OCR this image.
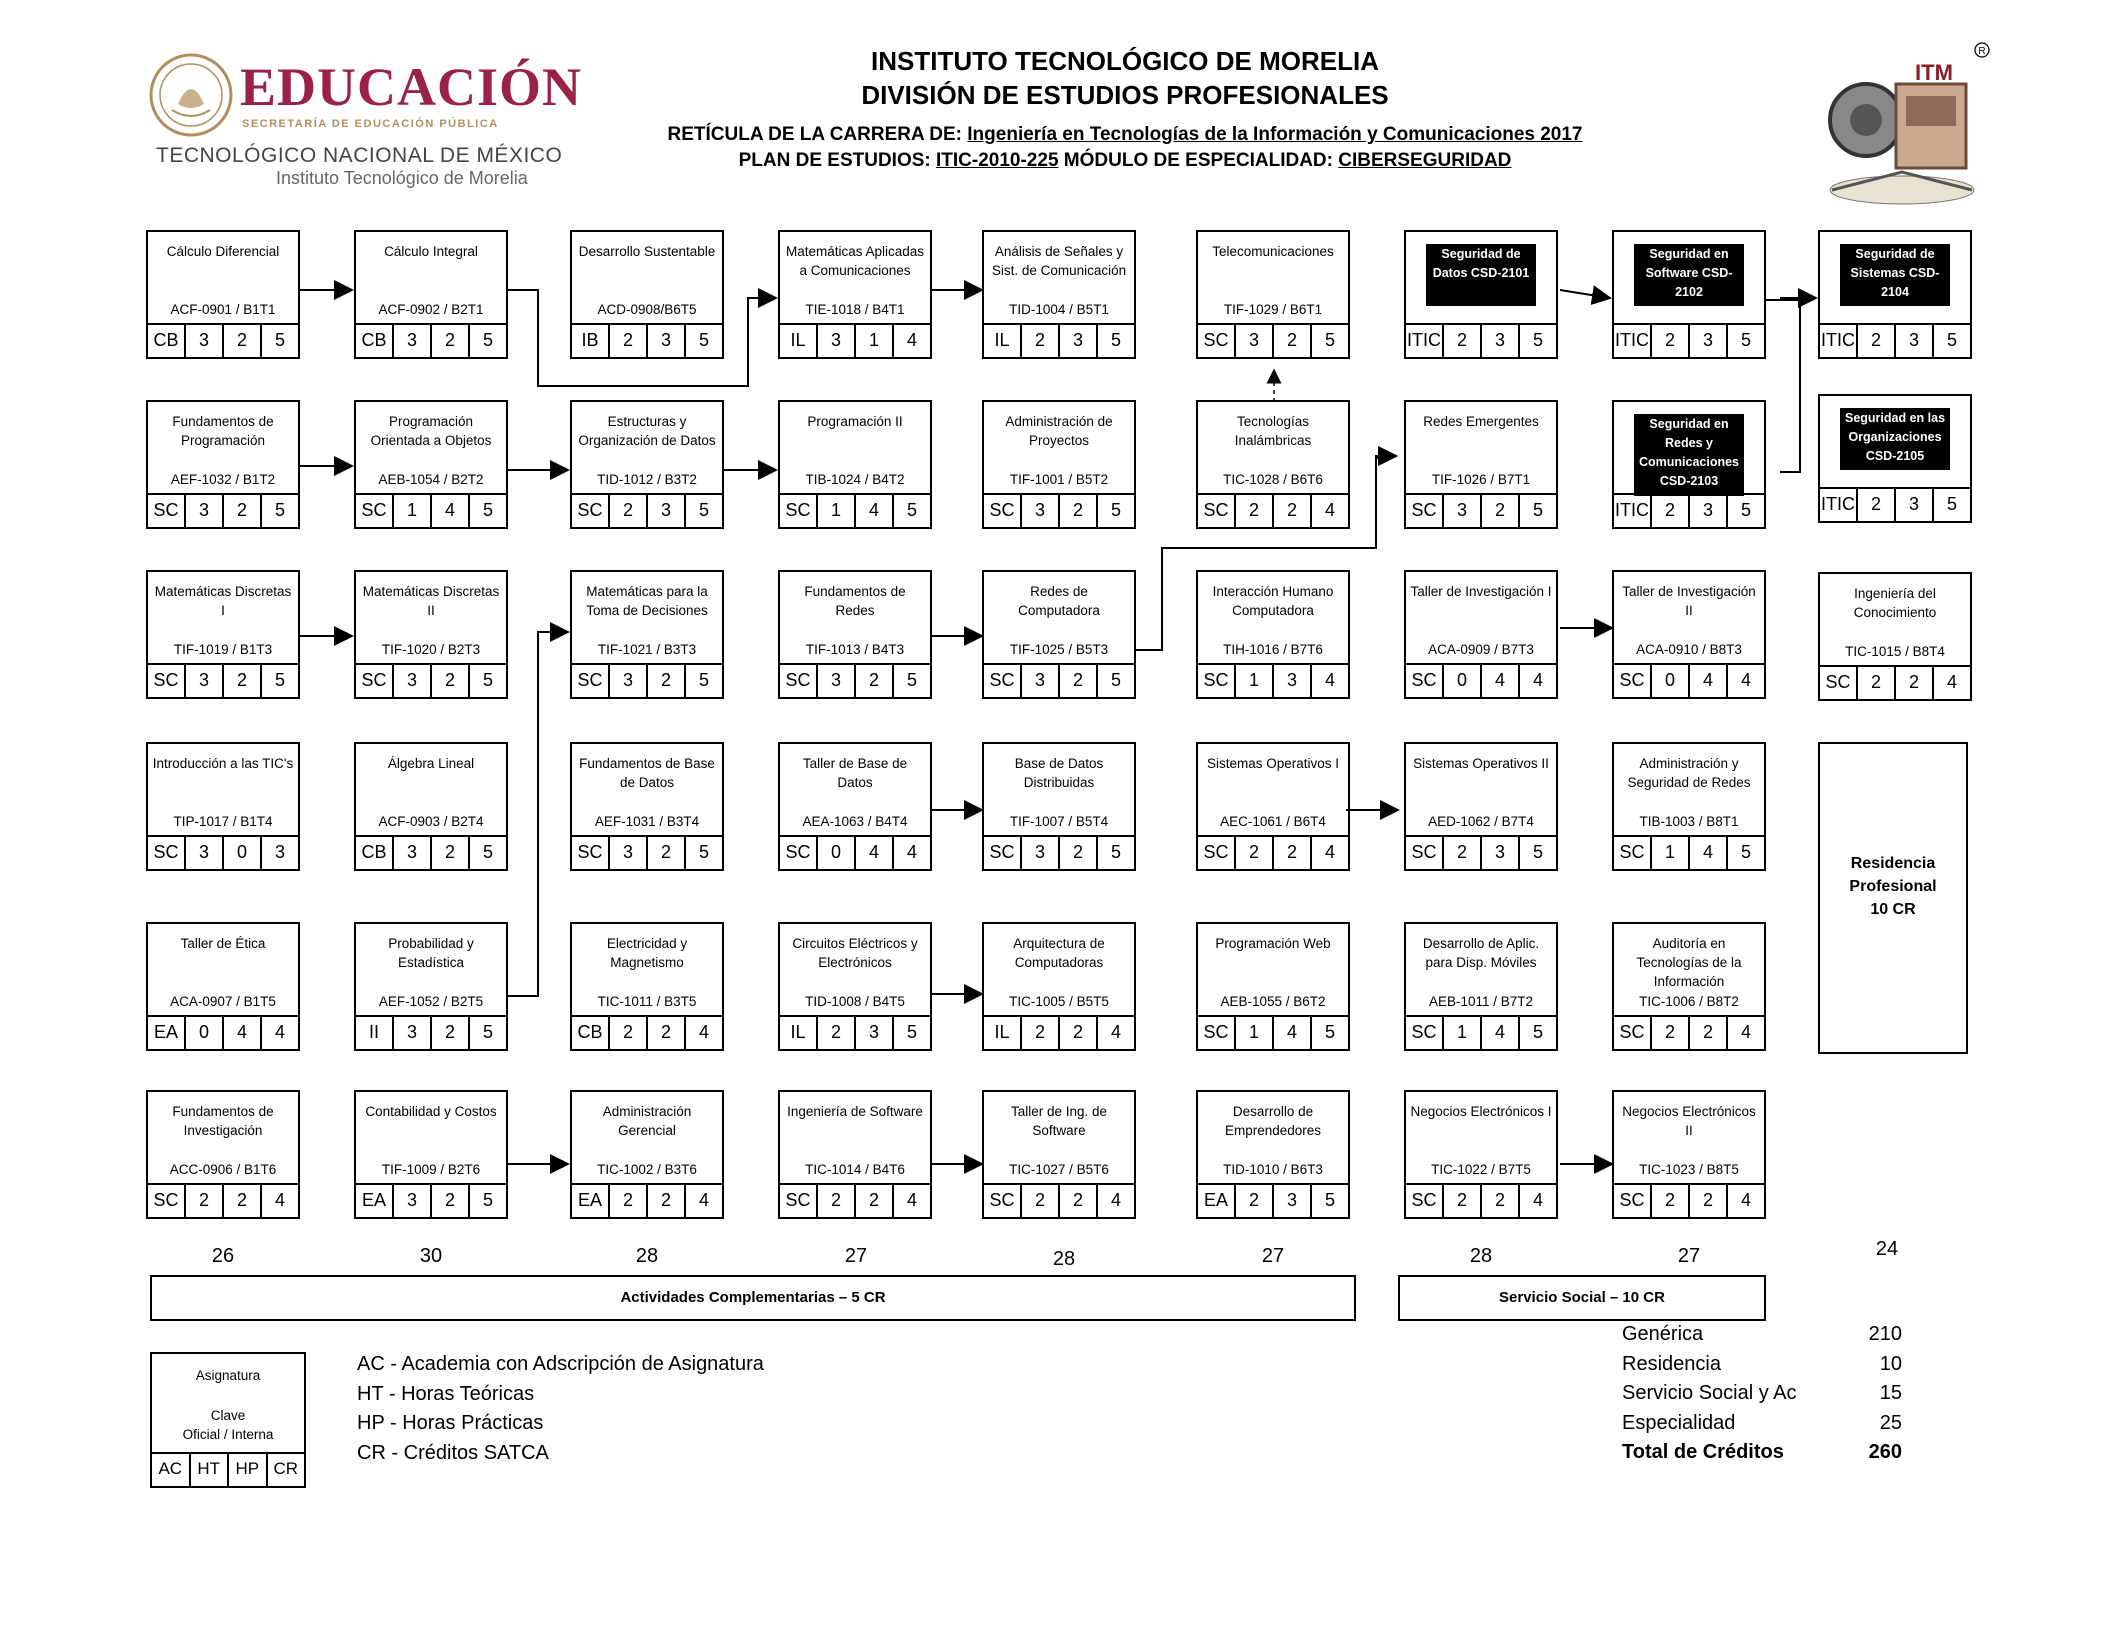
EDUCACIÓN
SECRETARÍA DE EDUCACIÓN PÚBLICA
TECNOLÓGICO NACIONAL DE MÉXICO
Instituto Tecnológico de Morelia
INSTITUTO TECNOLÓGICO DE MORELIA
DIVISIÓN DE ESTUDIOS PROFESIONALES
RETÍCULA DE LA CARRERA DE: Ingeniería en Tecnologías de la Información y Comunicaciones 2017
PLAN DE ESTUDIOS: ITIC-2010-225 MÓDULO DE ESPECIALIDAD: CIBERSEGURIDAD
ITM
R
Cálculo Diferencial
ACF-0901 / B1T1
CB	3	2	5
Fundamentos de Programación
AEF-1032 / B1T2
SC	3	2	5
Matemáticas Discretas I
TIF-1019 / B1T3
SC	3	2	5
Introducción a las TIC's
TIP-1017 / B1T4
SC	3	0	3
Taller de Ética
ACA-0907 / B1T5
EA	0	4	4
Fundamentos de Investigación
ACC-0906 / B1T6
SC	2	2	4
Cálculo Integral
ACF-0902 / B2T1
CB	3	2	5
Programación Orientada a Objetos
AEB-1054 / B2T2
SC	1	4	5
Matemáticas Discretas II
TIF-1020 / B2T3
SC	3	2	5
Álgebra Lineal
ACF-0903 / B2T4
CB	3	2	5
Probabilidad y Estadística
AEF-1052 / B2T5
II	3	2	5
Contabilidad y Costos
TIF-1009 / B2T6
EA	3	2	5
Desarrollo Sustentable
ACD-0908/B6T5
IB	2	3	5
Estructuras y Organización de Datos
TID-1012 / B3T2
SC	2	3	5
Matemáticas para la Toma de Decisiones
TIF-1021 / B3T3
SC	3	2	5
Fundamentos de Base de Datos
AEF-1031 / B3T4
SC	3	2	5
Electricidad y Magnetismo
TIC-1011 / B3T5
CB	2	2	4
Administración Gerencial
TIC-1002 / B3T6
EA	2	2	4
Matemáticas Aplicadas a Comunicaciones
TIE-1018 / B4T1
IL	3	1	4
Programación II
TIB-1024 / B4T2
SC	1	4	5
Fundamentos de Redes
TIF-1013 / B4T3
SC	3	2	5
Taller de Base de Datos
AEA-1063 / B4T4
SC	0	4	4
Circuitos Eléctricos y Electrónicos
TID-1008 / B4T5
IL	2	3	5
Ingeniería de Software
TIC-1014 / B4T6
SC	2	2	4
Análisis de Señales y Sist. de Comunicación
TID-1004 / B5T1
IL	2	3	5
Administración de Proyectos
TIF-1001 / B5T2
SC	3	2	5
Redes de Computadora
TIF-1025 / B5T3
SC	3	2	5
Base de Datos Distribuidas
TIF-1007 / B5T4
SC	3	2	5
Arquitectura de Computadoras
TIC-1005 / B5T5
IL	2	2	4
Taller de Ing. de Software
TIC-1027 / B5T6
SC	2	2	4
Telecomunicaciones
TIF-1029 / B6T1
SC	3	2	5
Tecnologías Inalámbricas
TIC-1028 / B6T6
SC	2	2	4
Interacción Humano Computadora
TIH-1016 / B7T6
SC	1	3	4
Sistemas Operativos I
AEC-1061 / B6T4
SC	2	2	4
Programación Web
AEB-1055 / B6T2
SC	1	4	5
Desarrollo de Emprendedores
TID-1010 / B6T3
EA	2	3	5
Seguridad de Datos CSD-2101
ITIC 2	3	5
Redes Emergentes
TIF-1026 / B7T1
SC	3	2	5
Taller de Investigación I
ACA-0909 / B7T3
SC	0	4	4
Sistemas Operativos II
AED-1062 / B7T4
SC	2	3	5
Desarrollo de Aplic. para Disp. Móviles
AEB-1011 / B7T2
SC	1	4	5
Negocios Electrónicos I
TIC-1022 / B7T5
SC	2	2	4
Seguridad en Software CSD-2102
ITIC 2	3	5
Seguridad en Redes y Comunicaciones CSD-2103
ITIC 2	3	5
Taller de Investigación II
ACA-0910 / B8T3
SC	0	4	4
Administración y Seguridad de Redes
TIB-1003 / B8T1
SC	1	4	5
Auditoría en Tecnologías de la Información
TIC-1006 / B8T2
SC	2	2	4
Negocios Electrónicos II
TIC-1023 / B8T5
SC	2	2	4
Seguridad de Sistemas CSD-2104
ITIC 2	3	5
Seguridad en las Organizaciones CSD-2105
ITIC 2	3	5
Ingeniería del Conocimiento
TIC-1015 / B8T4
SC	2	2	4
Residencia Profesional
10 CR
26	30	28	27	28	27	28	27	24
Actividades Complementarias – 5 CR	Servicio Social – 10 CR
Asignatura
Clave
Oficial / Interna
AC HT HP CR
AC - Academia con Adscripción de Asignatura
HT - Horas Teóricas
HP - Horas Prácticas
CR - Créditos SATCA
Genérica	210
Residencia	10
Servicio Social y Ac	15
Especialidad	25
Total de Créditos	260
